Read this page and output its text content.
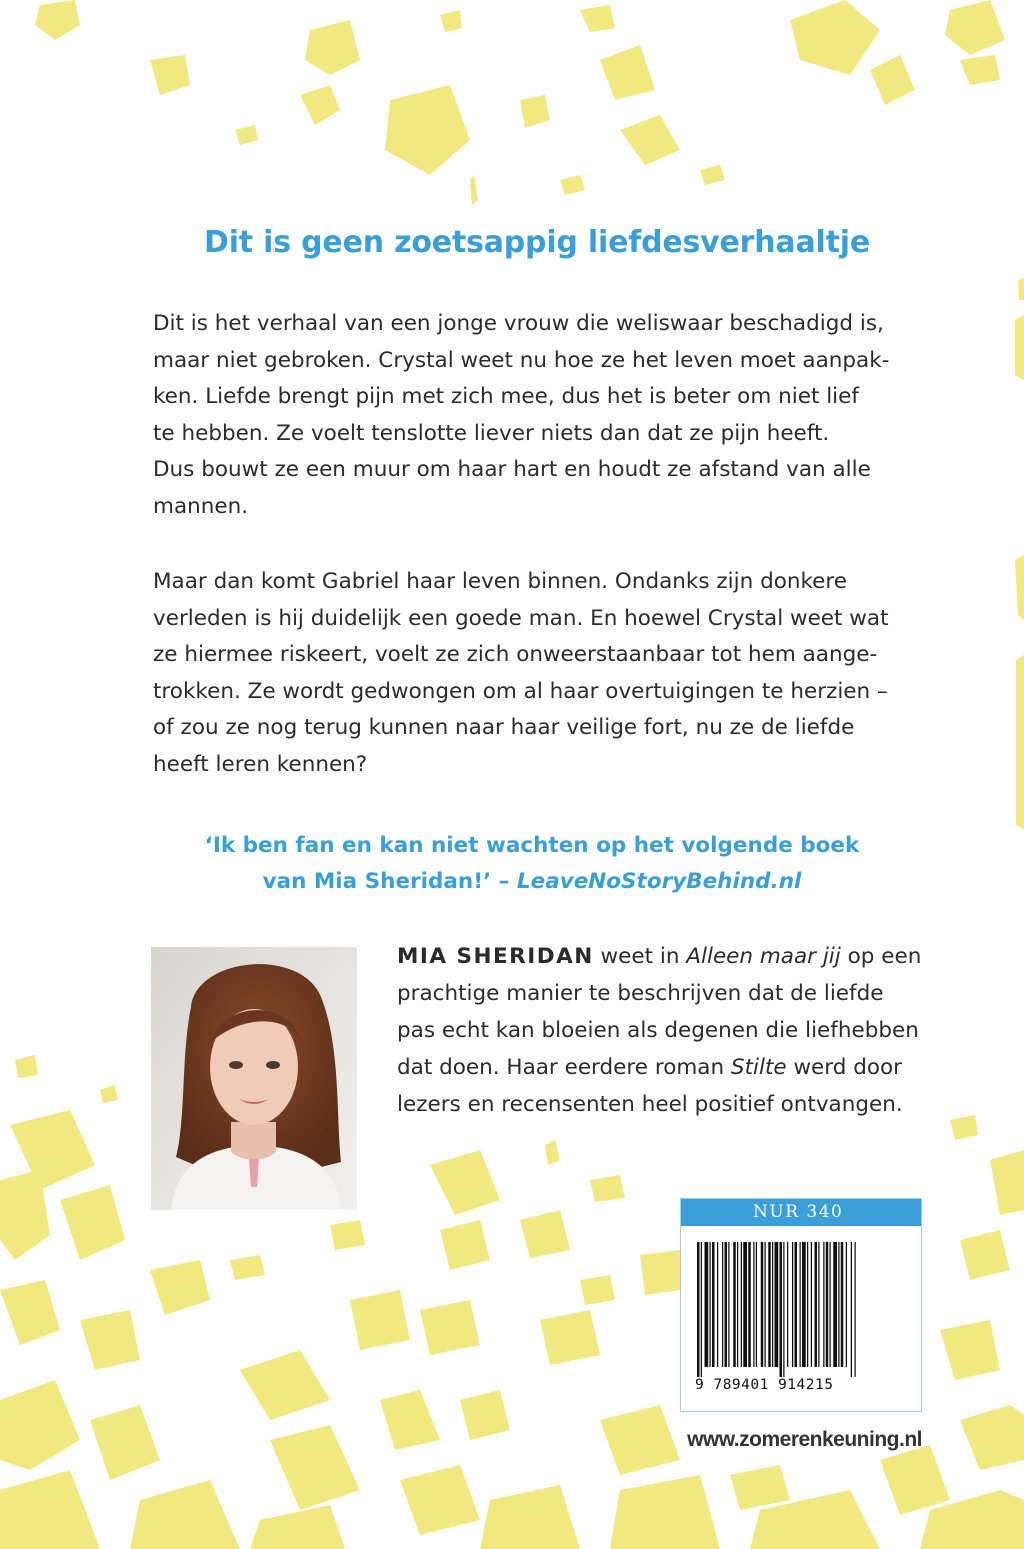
Dit is geen zoetsappig liefdesverhaaltje
Dit is het verhaal van een jonge vrouw die weliswaar beschadigd is,
maar niet gebroken. Crystal weet nu hoe ze het leven moet aanpak-
ken. Liefde brengt pijn met zich mee, dus het is beter om niet lief
te hebben. Ze voelt tenslotte liever niets dan dat ze pijn heeft.
Dus bouwt ze een muur om haar hart en houdt ze afstand van alle
mannen.
Maar dan komt Gabriel haar leven binnen. Ondanks zijn donkere
verleden is hij duidelijk een goede man. En hoewel Crystal weet wat
ze hiermee riskeert, voelt ze zich onweerstaanbaar tot hem aange-
trokken. Ze wordt gedwongen om al haar overtuigingen te herzien –
of zou ze nog terug kunnen naar haar veilige fort, nu ze de liefde
heeft leren kennen?
‘Ik ben fan en kan niet wachten op het volgende boek
van Mia Sheridan!’ – LeaveNoStoryBehind.nl
MIA SHERIDAN weet in Alleen maar jij op een
prachtige manier te beschrijven dat de liefde
pas echt kan bloeien als degenen die liefhebben
dat doen. Haar eerdere roman Stilte werd door
lezers en recensenten heel positief ontvangen.
NUR 340
9 789401 914215
www.zomerenkeuning.nl
